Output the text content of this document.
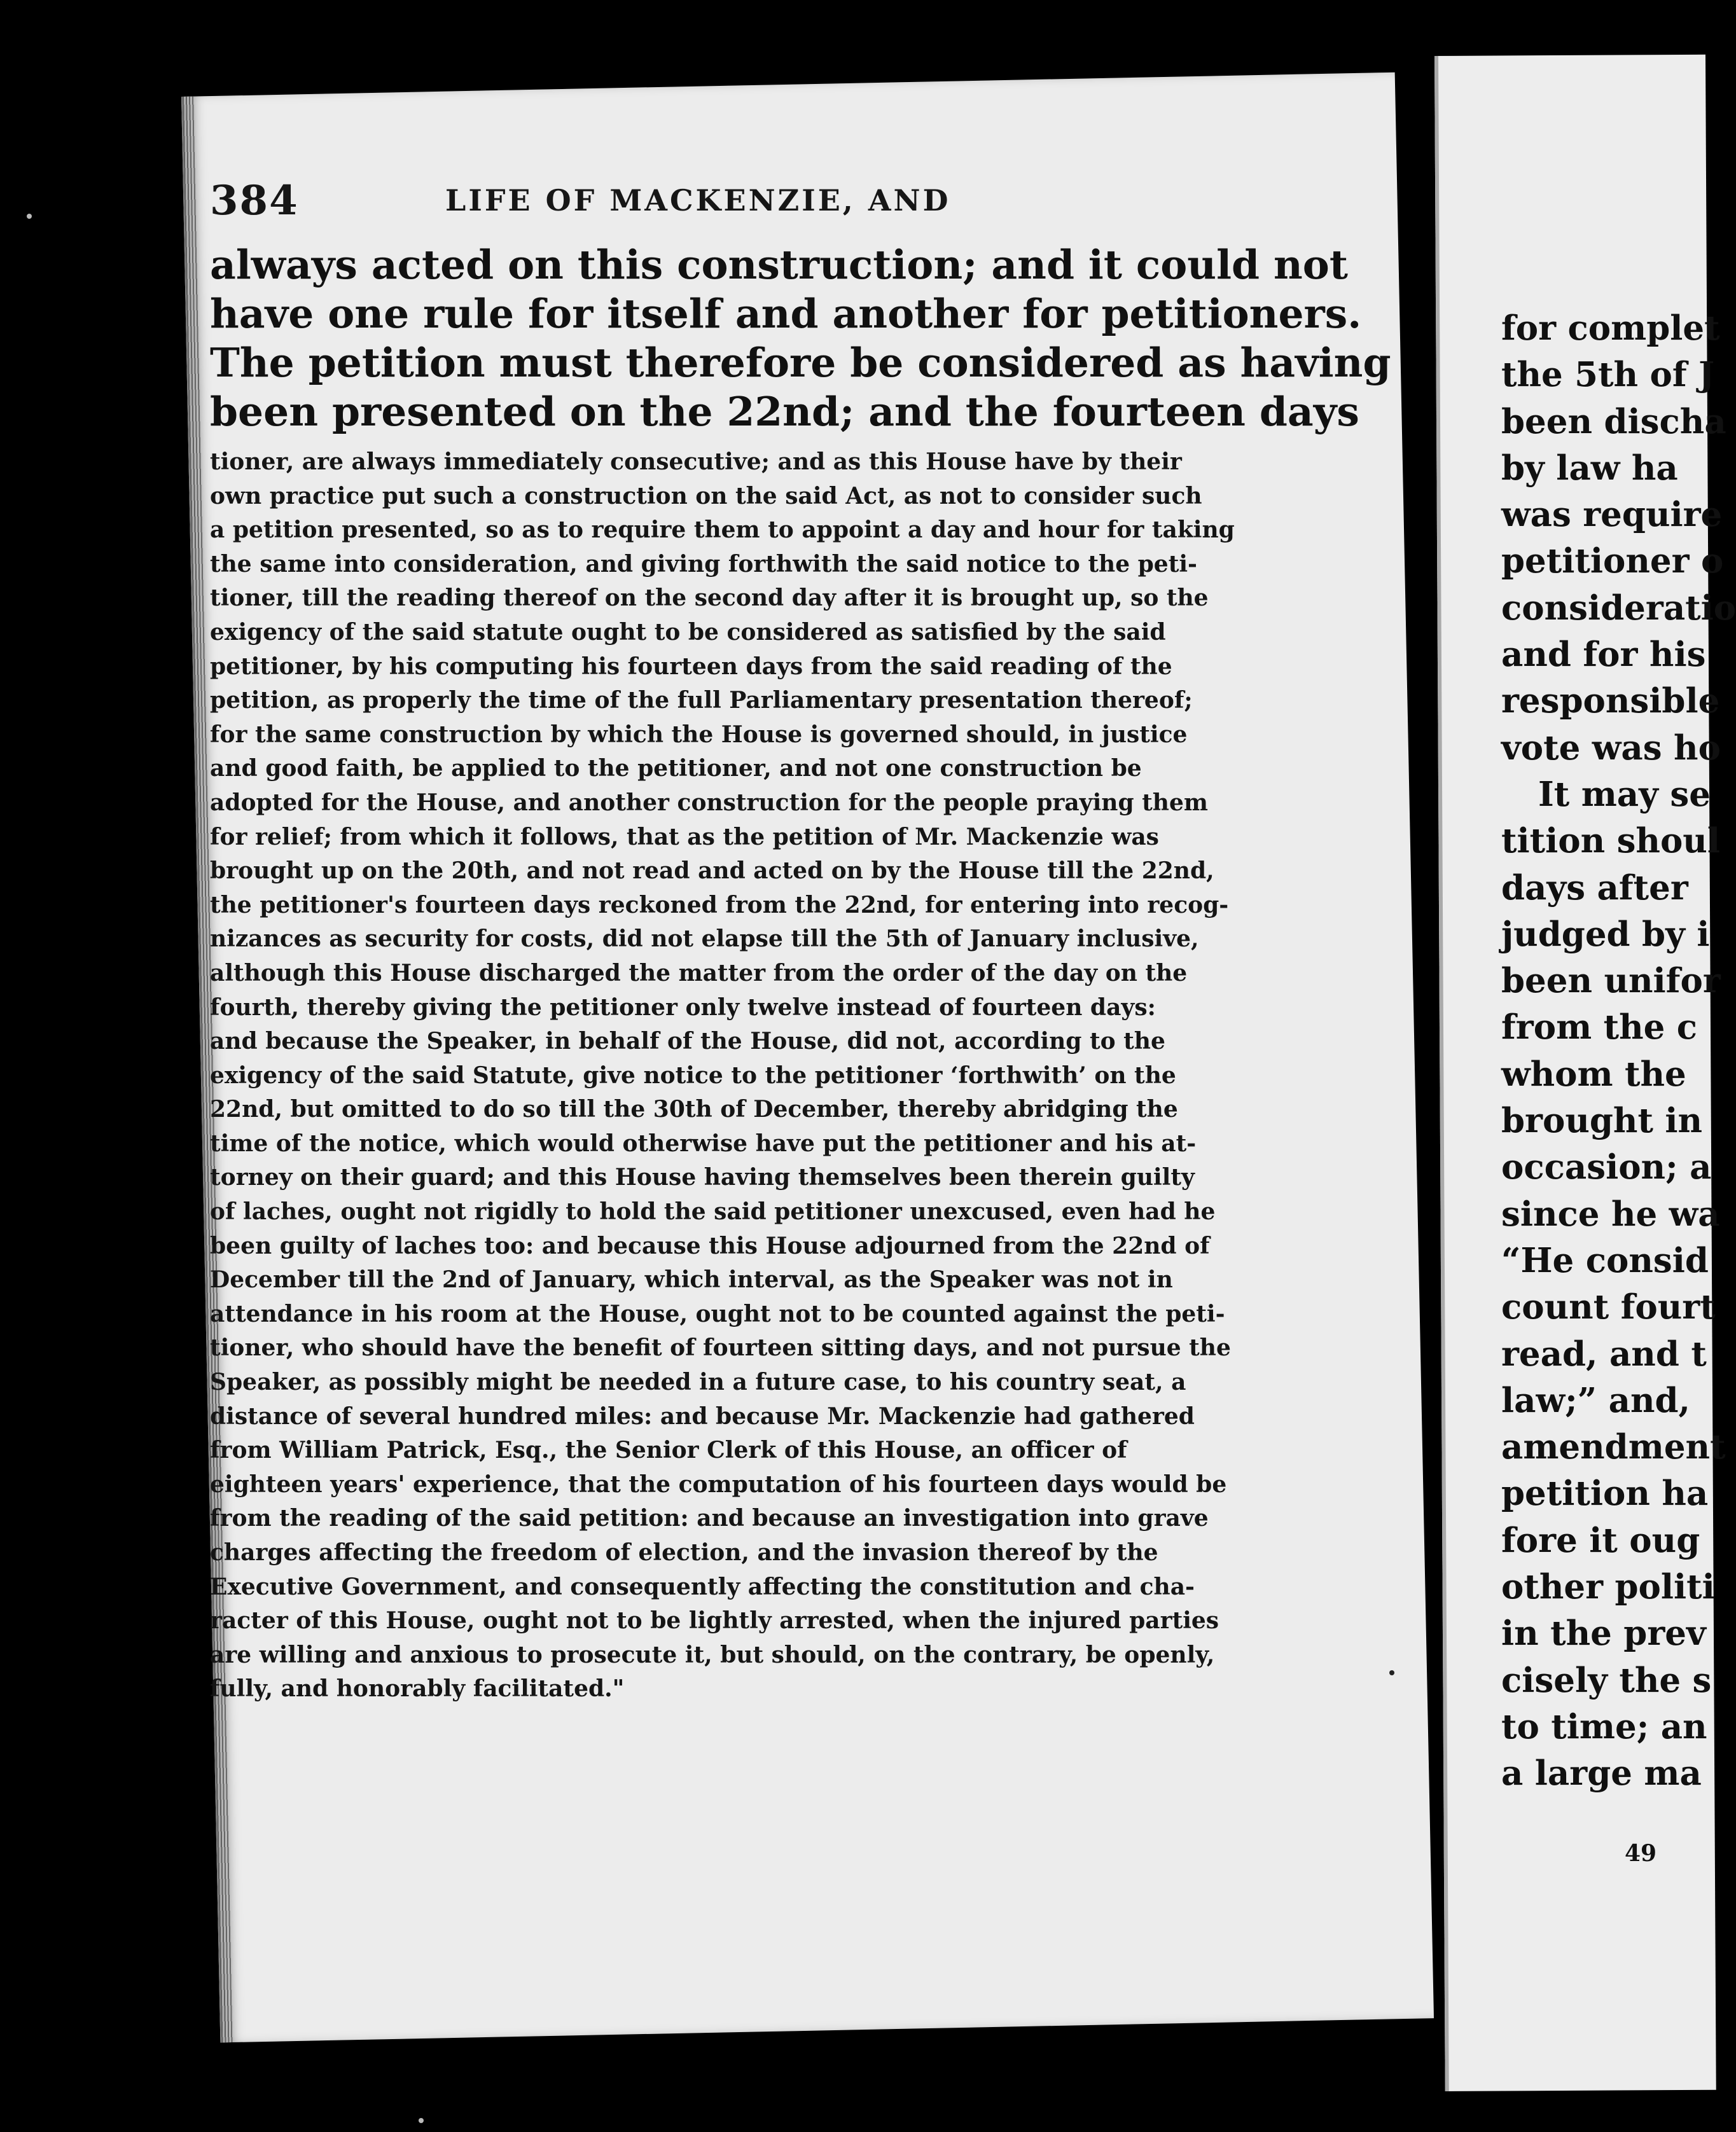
384	LIFE OF MACKENZIE, AND
always acted on this construction; and it could not
have one rule for itself and another for petitioners.
The petition must therefore be considered as having
been presented on the 22nd; and the fourteen days
tioner, are always immediately consecutive; and as this House have by their
own practice put such a construction on the said Act, as not to consider such
a petition presented, so as to require them to appoint a day and hour for taking
the same into consideration, and giving forthwith the said notice to the peti-
tioner, till the reading thereof on the second day after it is brought up, so the
exigency of the said statute ought to be considered as satisfied by the said
petitioner, by his computing his fourteen days from the said reading of the
petition, as properly the time of the full Parliamentary presentation thereof;
for the same construction by which the House is governed should, in justice
and good faith, be applied to the petitioner, and not one construction be
adopted for the House, and another construction for the people praying them
for relief; from which it follows, that as the petition of Mr. Mackenzie was
brought up on the 20th, and not read and acted on by the House till the 22nd,
the petitioner's fourteen days reckoned from the 22nd, for entering into recog-
nizances as security for costs, did not elapse till the 5th of January inclusive,
although this House discharged the matter from the order of the day on the
fourth, thereby giving the petitioner only twelve instead of fourteen days:
and because the Speaker, in behalf of the House, did not, according to the
exigency of the said Statute, give notice to the petitioner ‘forthwith’ on the
22nd, but omitted to do so till the 30th of December, thereby abridging the
time of the notice, which would otherwise have put the petitioner and his at-
torney on their guard; and this House having themselves been therein guilty
of laches, ought not rigidly to hold the said petitioner unexcused, even had he
been guilty of laches too: and because this House adjourned from the 22nd of
December till the 2nd of January, which interval, as the Speaker was not in
attendance in his room at the House, ought not to be counted against the peti-
tioner, who should have the benefit of fourteen sitting days, and not pursue the
Speaker, as possibly might be needed in a future case, to his country seat, a
distance of several hundred miles: and because Mr. Mackenzie had gathered
from William Patrick, Esq., the Senior Clerk of this House, an officer of
eighteen years' experience, that the computation of his fourteen days would be
from the reading of the said petition: and because an investigation into grave
charges affecting the freedom of election, and the invasion thereof by the
Executive Government, and consequently affecting the constitution and cha-
racter of this House, ought not to be lightly arrested, when the injured parties
are willing and anxious to prosecute it, but should, on the contrary, be openly,
fully, and honorably facilitated."
for complet
the 5th of J
been discha
by law ha
was require
petitioner o
consideratio
and for his
responsible
vote was ho
It may se
tition shoul
days after
judged by i
been unifor
from the c
whom the
brought in
occasion; a
since he wa
“He consid
count fourt
read, and t
law;” and,
amendment
petition ha
fore it oug
other politi
in the prev
cisely the s
to time; an
a large ma
49
